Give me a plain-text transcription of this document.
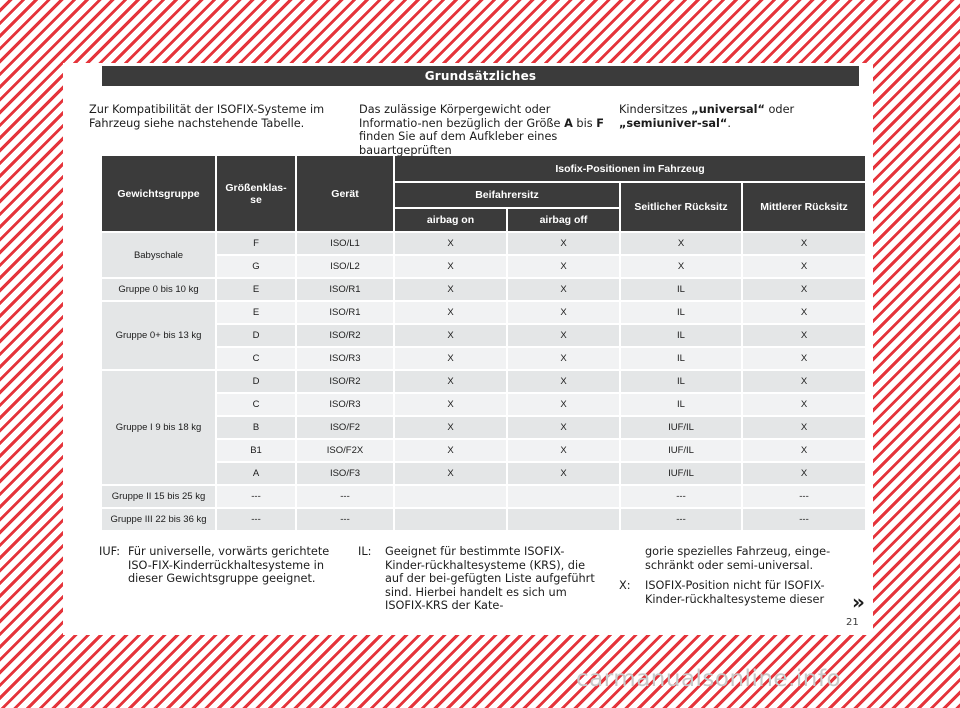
Grundsätzliches
Zur Kompatibilität der ISOFIX-Systeme im Fahrzeug siehe nachstehende Tabelle.
Das zulässige Körpergewicht oder Informatio-nen bezüglich der Größe A bis F finden Sie auf dem Aufkleber eines bauartgeprüften
Kindersitzes „universal“ oder „semiuniver-sal“.
Gewichtsgruppe	Größenklas-se	Gerät	Isofix-Positionen im Fahrzeug			
			Beifahrersitz		Seitlicher Rücksitz	Mittlerer Rücksitz
			airbag on	airbag off		
Babyschale	F	ISO/L1	X	X	X	X
	G	ISO/L2	X	X	X	X
Gruppe 0 bis 10 kg	E	ISO/R1	X	X	IL	X
Gruppe 0+ bis 13 kg	E	ISO/R1	X	X	IL	X
	D	ISO/R2	X	X	IL	X
	C	ISO/R3	X	X	IL	X
Gruppe I 9 bis 18 kg	D	ISO/R2	X	X	IL	X
	C	ISO/R3	X	X	IL	X
	B	ISO/F2	X	X	IUF/IL	X
	B1	ISO/F2X	X	X	IUF/IL	X
	A	ISO/F3	X	X	IUF/IL	X
Gruppe II 15 bis 25 kg	---	---			---	---
Gruppe III 22 bis 36 kg	---	---			---	---
IUF: Für universelle, vorwärts gerichtete ISO-FIX-Kinderrückhaltesysteme in dieser Gewichtsgruppe geeignet.
IL: Geeignet für bestimmte ISOFIX-Kinder-rückhaltesysteme (KRS), die auf der bei-gefügten Liste aufgeführt sind. Hierbei handelt es sich um ISOFIX-KRS der Kate-
gorie spezielles Fahrzeug, einge-schränkt oder semi-universal.
X: ISOFIX-Position nicht für ISOFIX-Kinder-rückhaltesysteme dieser	»
21
carmanualsonline.info
